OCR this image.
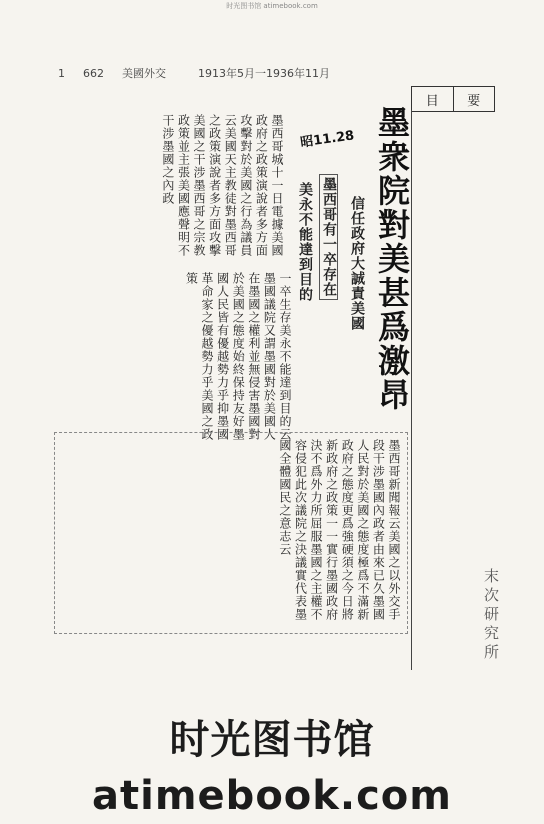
时光图书馆 atimebook.com
1 662 美國外交	1913年5月一1936年11月
目	要
末次研究所
墨衆院對美甚爲激昂
信任政府大誠責美國
墨西哥有一卒存在
美永不能達到目的
墨西哥城十一日電據美國政府之政策演說者多方面攻擊對於美國之行為議員云美國天主教徒對墨西哥之政策演說者多方面攻擊美國之干涉墨西哥之宗教政策並主張美國應聲明不干涉墨國之內政
一卒生存美永不能達到目的云墨國議院又謂墨國對於美國人在墨國之權利並無侵害墨國對於美國之態度始終保持友好墨國人民皆有優越勢力乎抑墨國革命家之優越勢力乎美國之政策
昭11.28
墨西哥新聞報云美國之以外交手段干涉墨國內政者由來已久墨國人民對於美國之態度極爲不滿新政府之態度更爲強硬須之今日將新政府之政策一一實行墨國政府決不爲外力所屈服墨國之主權不容侵犯此次議院之決議實代表墨國全體國民之意志云
时光图书馆 atimebook.com
